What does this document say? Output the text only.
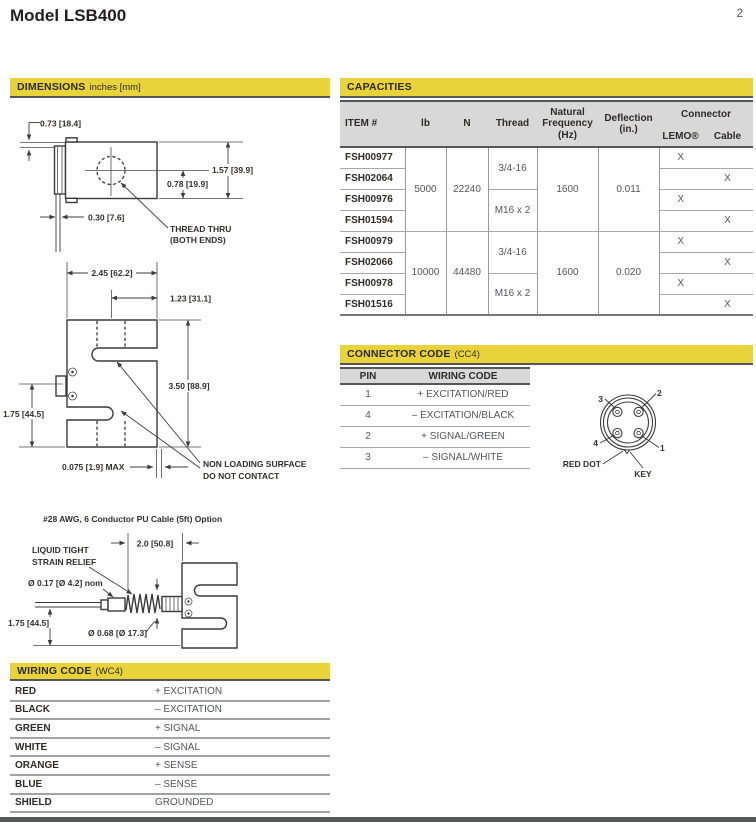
Model LSB400	2
DIMENSIONS inches [mm]	CAPACITIES
ITEM #	lb	N	Thread	Natural Frequency (Hz)	Deflection (in.)	Connector	
						LEMO®	Cable
FSH00977	5000	22240	3/4-16	1600	0.011	X	
FSH02064							X
FSH00976			M16 x 2			X	
FSH01594							X
FSH00979	10000	44480	3/4-16	1600	0.020	X	
FSH02066							X
FSH00978			M16 x 2			X	
FSH01516							X
CONNECTOR CODE (CC4)
PIN	WIRING CODE
1	+ EXCITATION/RED
4	– EXCITATION/BLACK
2	+ SIGNAL/GREEN
3	– SIGNAL/WHITE
3
2
4	1
RED DOT
KEY
1.57 [39.9]
0.78 [19.9]
0.73 [18.4]
0.30 [7.6]
THREAD THRU
(BOTH ENDS)
2.45 [62.2]
1.23 [31.1]
3.50 [88.9]
1.75 [44.5]
0.075 [1.9] MAX	NON LOADING SURFACE
DO NOT CONTACT
#28 AWG, 6 Conductor PU Cable (5ft) Option
2.0 [50.8]
LIQUID TIGHT
STRAIN RELIEF
Ø 0.17 [Ø 4.2] nom
1.75 [44.5]
Ø 0.68 [Ø 17.3]
WIRING CODE (WC4)
RED	+ EXCITATION
BLACK	– EXCITATION
GREEN	+ SIGNAL
WHITE	– SIGNAL
ORANGE	+ SENSE
BLUE	– SENSE
SHIELD	GROUNDED
